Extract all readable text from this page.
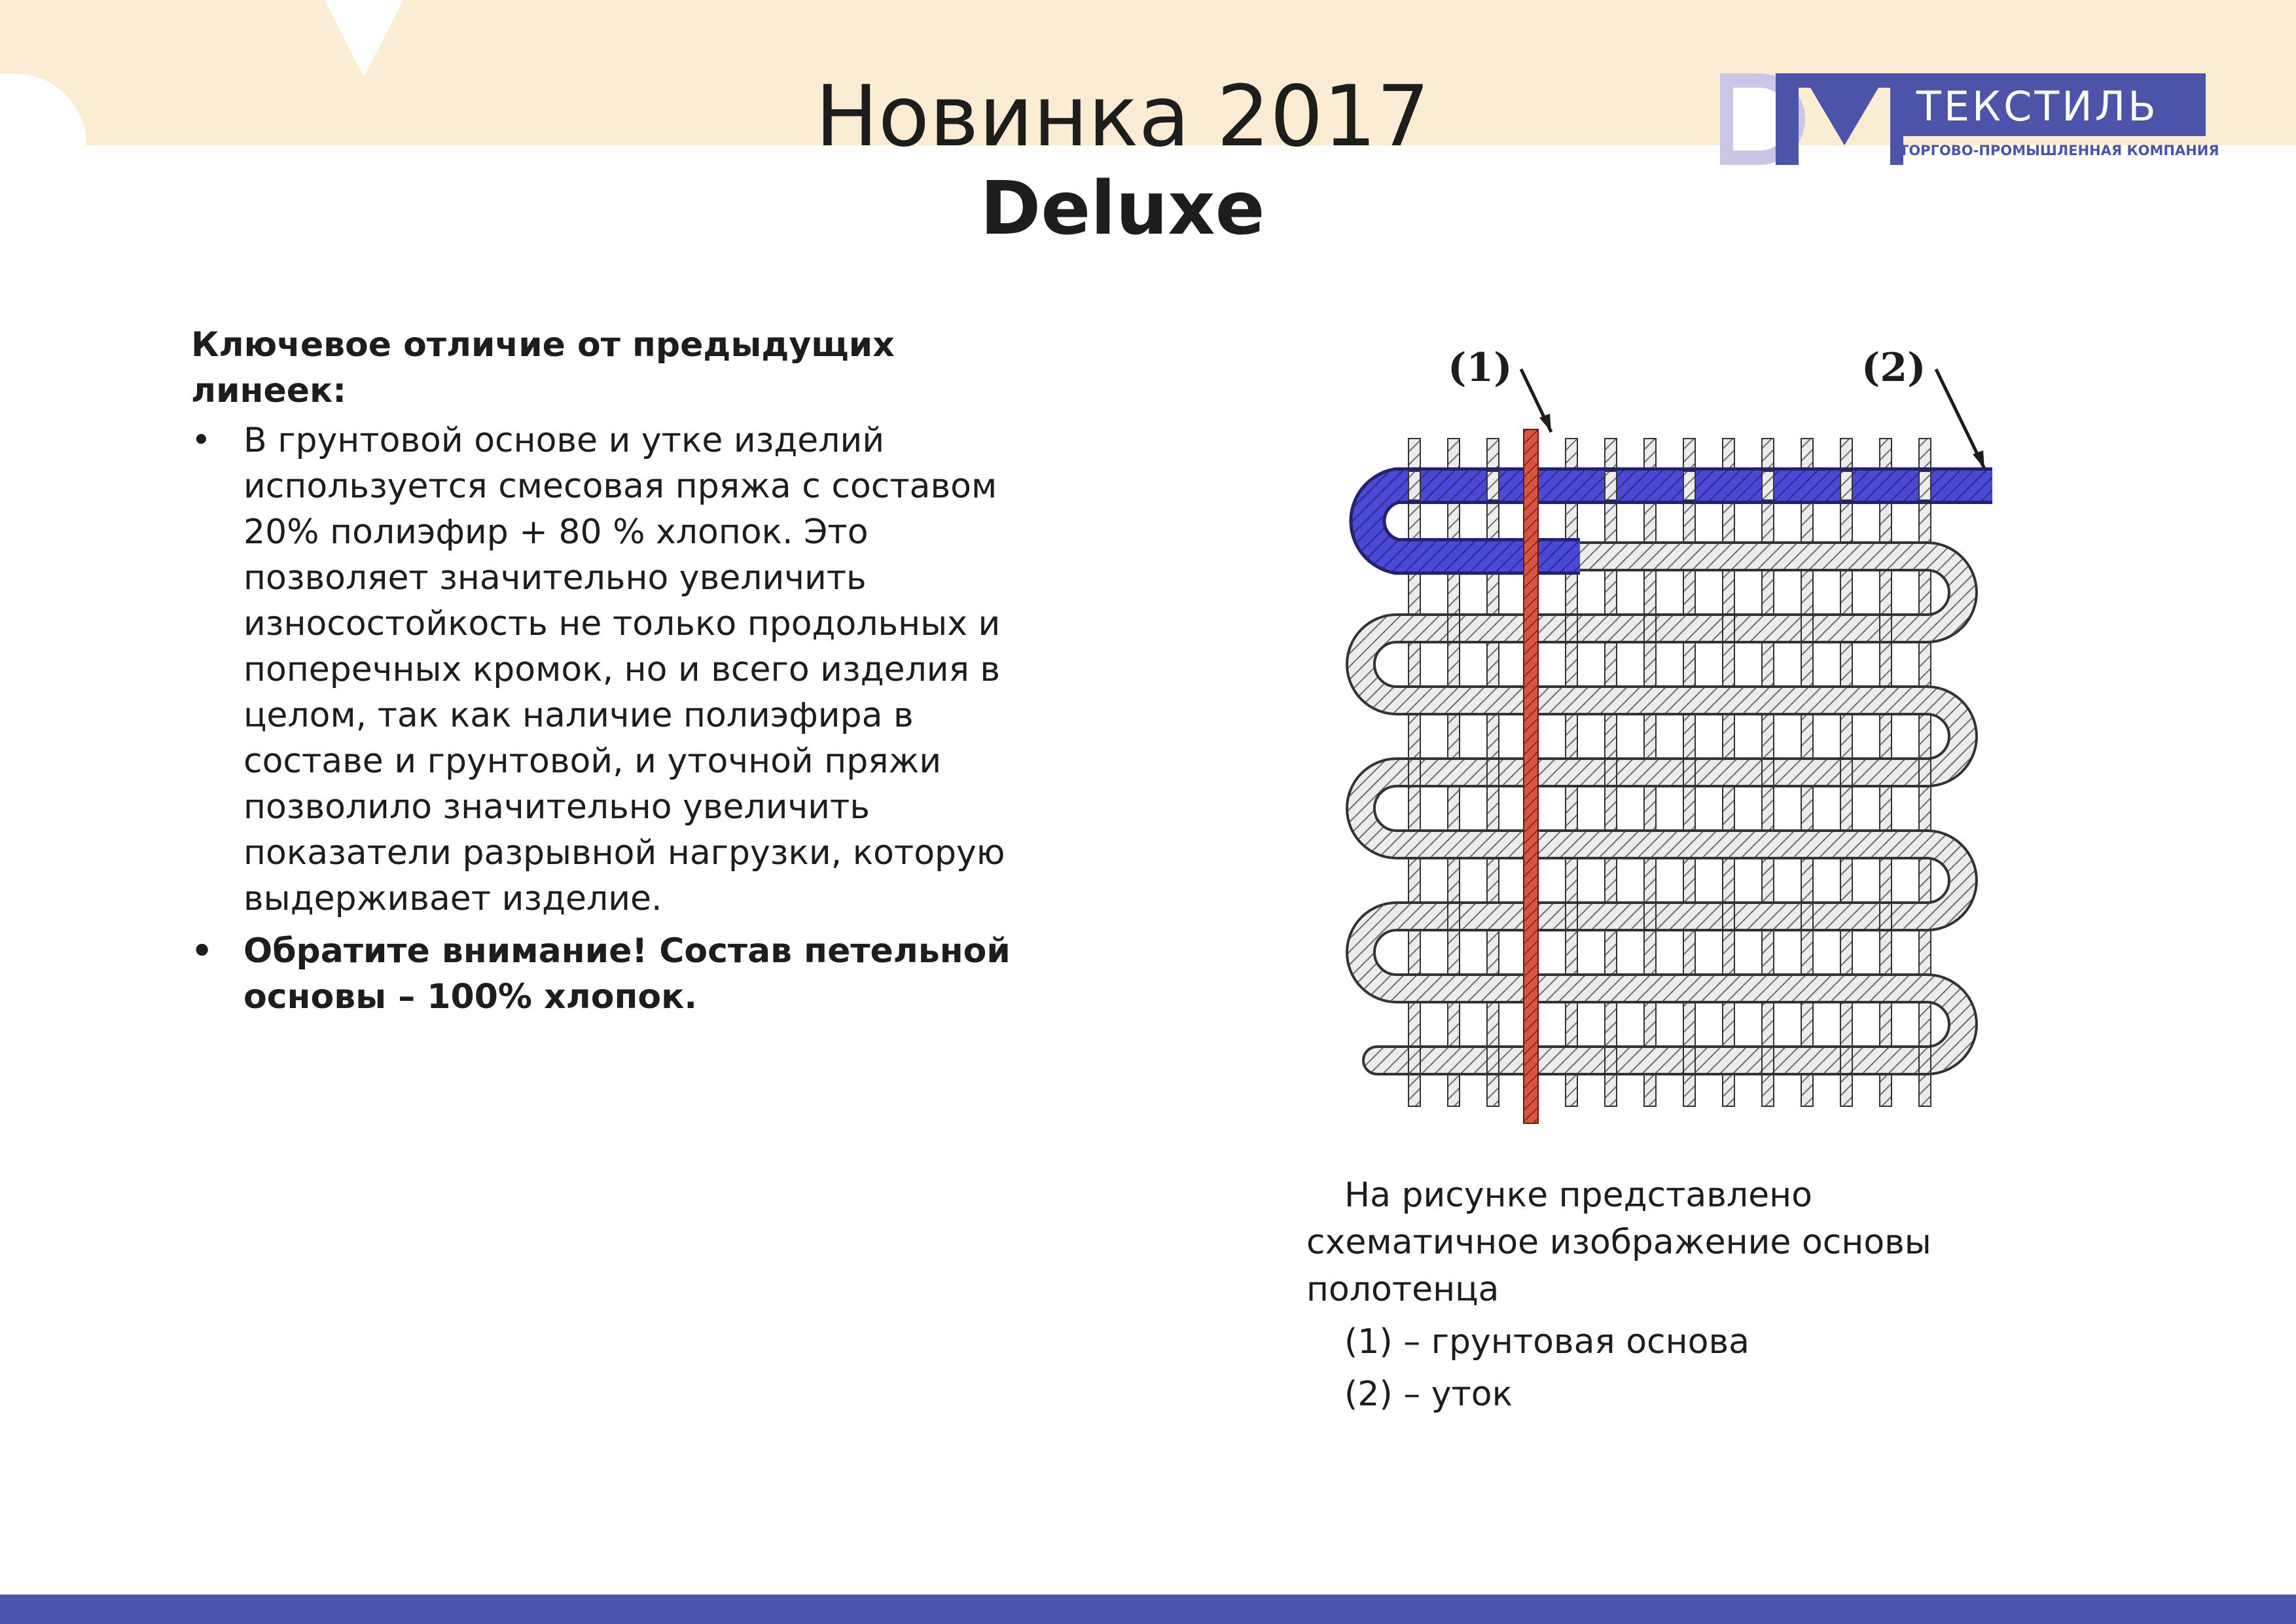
Новинка 2017
Deluxe
ТЕКСТИЛЬ
ТОРГОВО-ПРОМЫШЛЕННАЯ КОМПАНИЯ

Ключевое отличие от предыдущих линеек:

• В грунтовой основе и утке изделий используется смесовая пряжа с составом 20% полиэфир + 80 % хлопок. Это позволяет значительно увеличить износостойкость не только продольных и поперечных кромок, но и всего изделия в целом, так как наличие полиэфира в составе и грунтовой, и уточной пряжи позволило значительно увеличить показатели разрывной нагрузки, которую выдерживает изделие.

• Обратите внимание! Состав петельной основы – 100% хлопок.

(1)	(2)

На рисунке представлено схематичное изображение основы полотенца

(1) – грунтовая основа

(2) – уток
